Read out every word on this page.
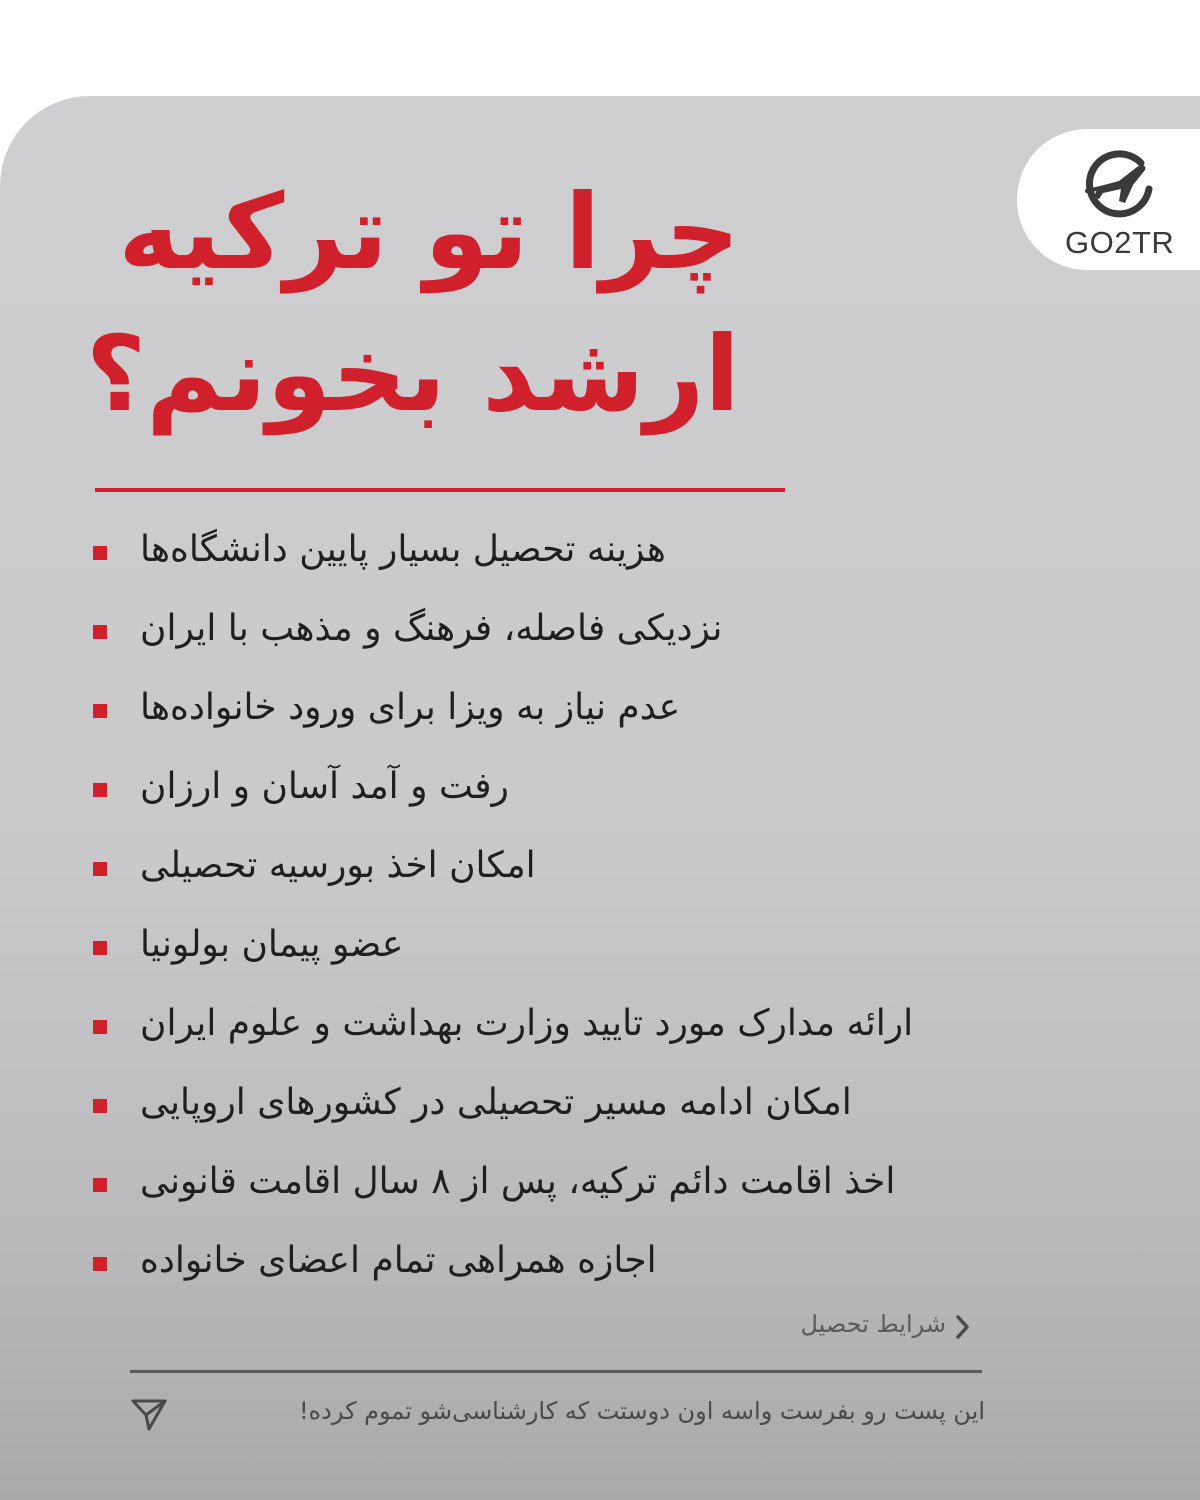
GO2TR
چرا تو ترکیه
ارشد بخونم؟
هزینه تحصیل بسیار پایین دانشگاه‌ها
نزدیکی فاصله، فرهنگ و مذهب با ایران
عدم نیاز به ویزا برای ورود خانواده‌ها
رفت و آمد آسان و ارزان
امکان اخذ بورسیه تحصیلی
عضو پیمان بولونیا
ارائه مدارک مورد تایید وزارت بهداشت و علوم ایران
امکان ادامه مسیر تحصیلی در کشورهای اروپایی
اخذ اقامت دائم ترکیه، پس از ۸ سال اقامت قانونی
اجازه همراهی تمام اعضای خانواده
شرایط تحصیل
این پست رو بفرست واسه اون دوستت که کارشناسی‌شو تموم کرده!
